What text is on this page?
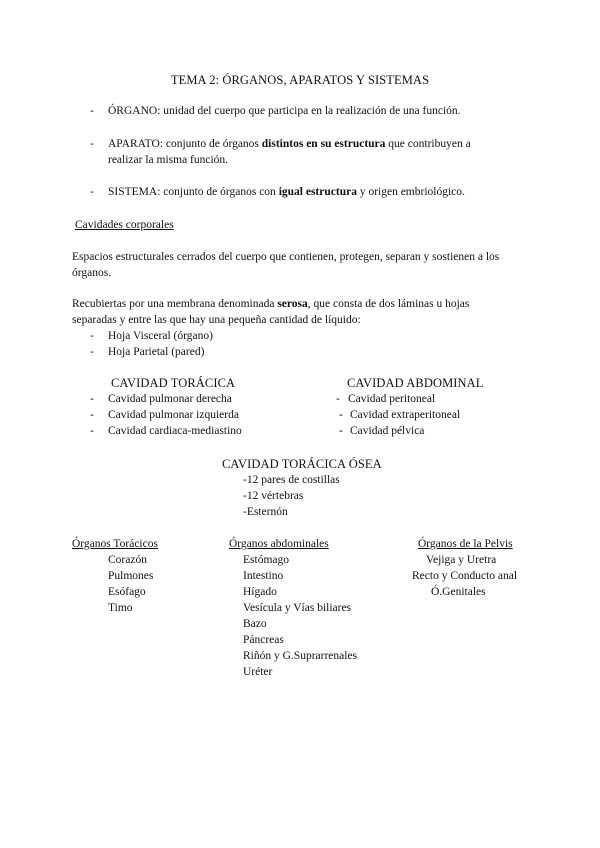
TEMA 2: ÓRGANOS, APARATOS Y SISTEMAS
- ÓRGANO: unidad del cuerpo que participa en la realización de una función.
- APARATO: conjunto de órganos distintos en su estructura que contribuyen a
realizar la misma función.
- SISTEMA: conjunto de órganos con igual estructura y origen embriológico.
Cavidades corporales
Espacios estructurales cerrados del cuerpo que contienen, protegen, separan y sostienen a los
órganos.
Recubiertas por una membrana denominada serosa, que consta de dos láminas u hojas
separadas y entre las que hay una pequeña cantidad de líquido:
- Hoja Visceral (órgano)
- Hoja Parietal (pared)
CAVIDAD TORÁCICA	CAVIDAD ABDOMINAL
- Cavidad pulmonar derecha
- Cavidad pulmonar izquierda
- Cavidad cardiaca-mediastino
- Cavidad peritoneal
- Cavidad extraperitoneal
- Cavidad pélvica
CAVIDAD TORÁCICA ÓSEA
-12 pares de costillas
-12 vértebras
-Esternón
Órganos Torácicos
Corazón
Pulmones
Esófago
Timo
Órganos abdominales
Estómago
Intestino
Hígado
Vesícula y Vías biliares
Bazo
Páncreas
Riñón y G.Suprarrenales
Uréter
Órganos de la Pelvis
Vejiga y Uretra
Recto y Conducto anal
Ó.Genitales
